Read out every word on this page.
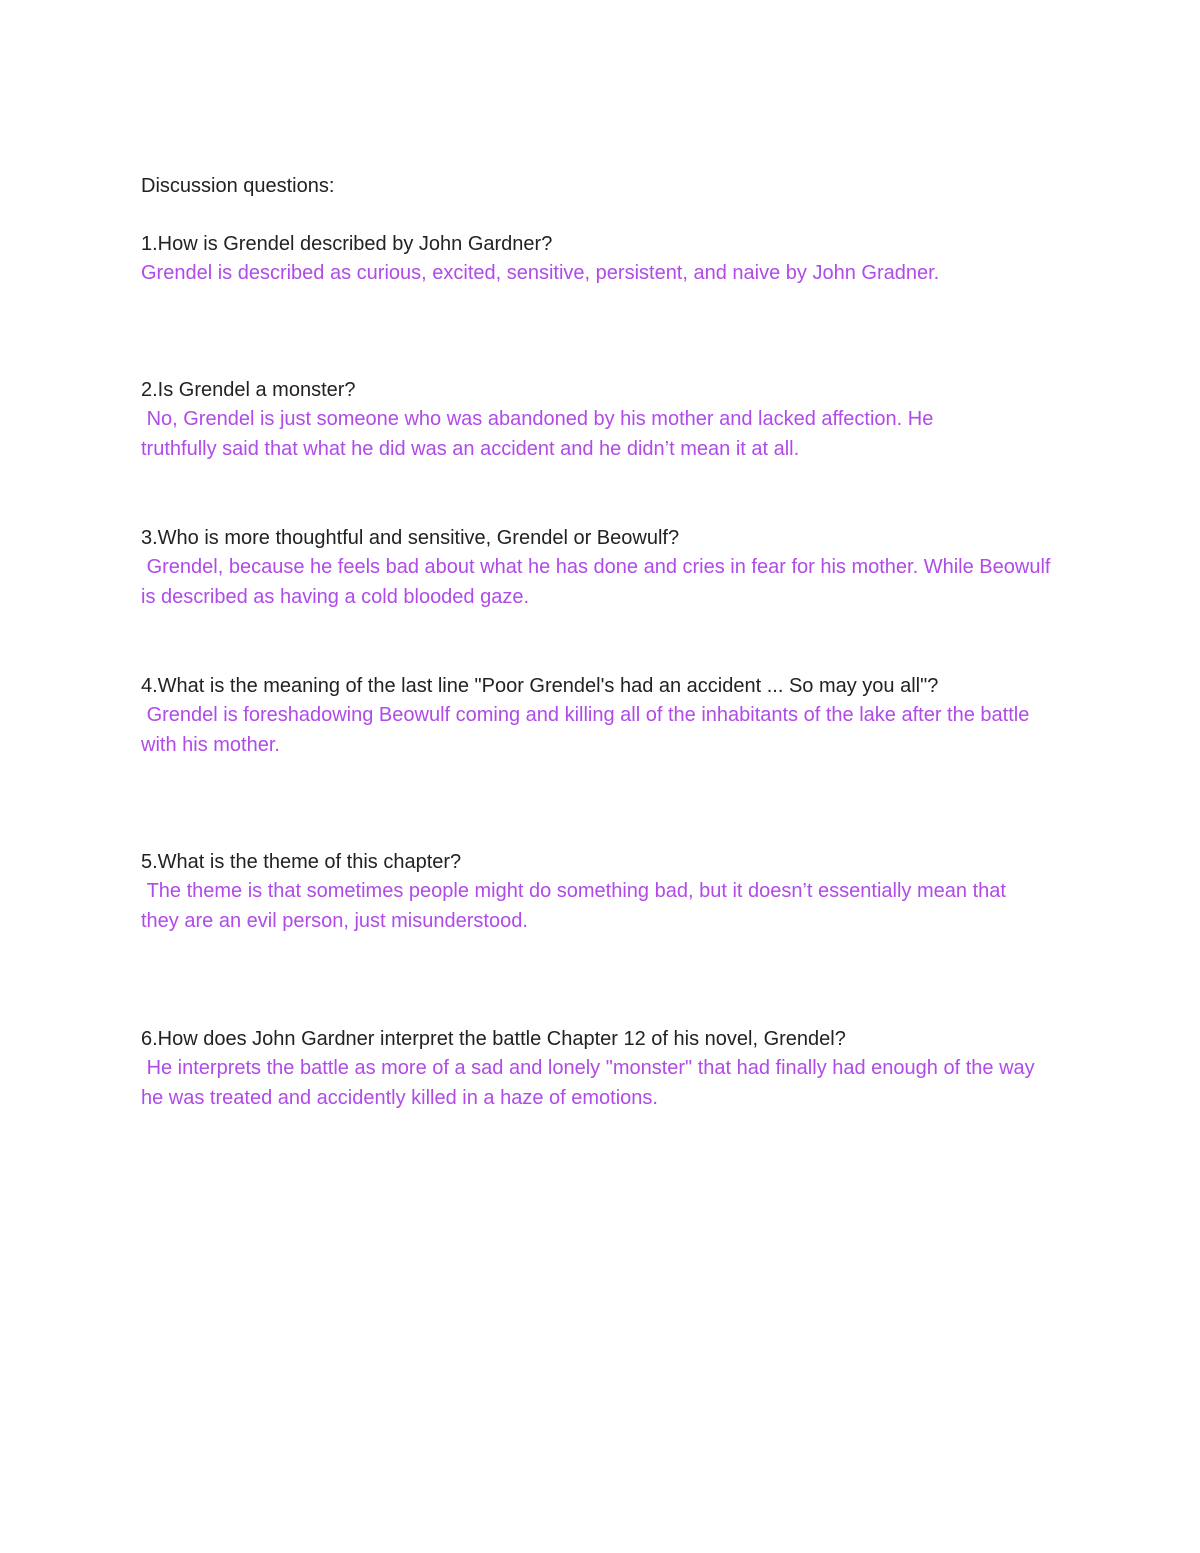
Discussion questions:
1.How is Grendel described by John Gardner?
Grendel is described as curious, excited, sensitive, persistent, and naive by John Gradner.
2.Is Grendel a monster?
No, Grendel is just someone who was abandoned by his mother and lacked affection. He truthfully said that what he did was an accident and he didn’t mean it at all.
3.Who is more thoughtful and sensitive, Grendel or Beowulf?
Grendel, because he feels bad about what he has done and cries in fear for his mother. While Beowulf  is described as having a cold blooded gaze.
4.What is the meaning of the last line "Poor Grendel's had an accident ... So may you all"?
Grendel is foreshadowing Beowulf coming and killing all of the inhabitants of the lake after the battle with his mother.
5.What is the theme of this chapter?
The theme is that sometimes people might do something bad, but it doesn’t essentially mean that they are an evil person, just misunderstood.
6.How does John Gardner interpret the battle Chapter 12 of his novel, Grendel?
He interprets the battle as more of a sad and lonely "monster" that had finally had enough of the way he was treated and accidently killed in a haze of emotions.
